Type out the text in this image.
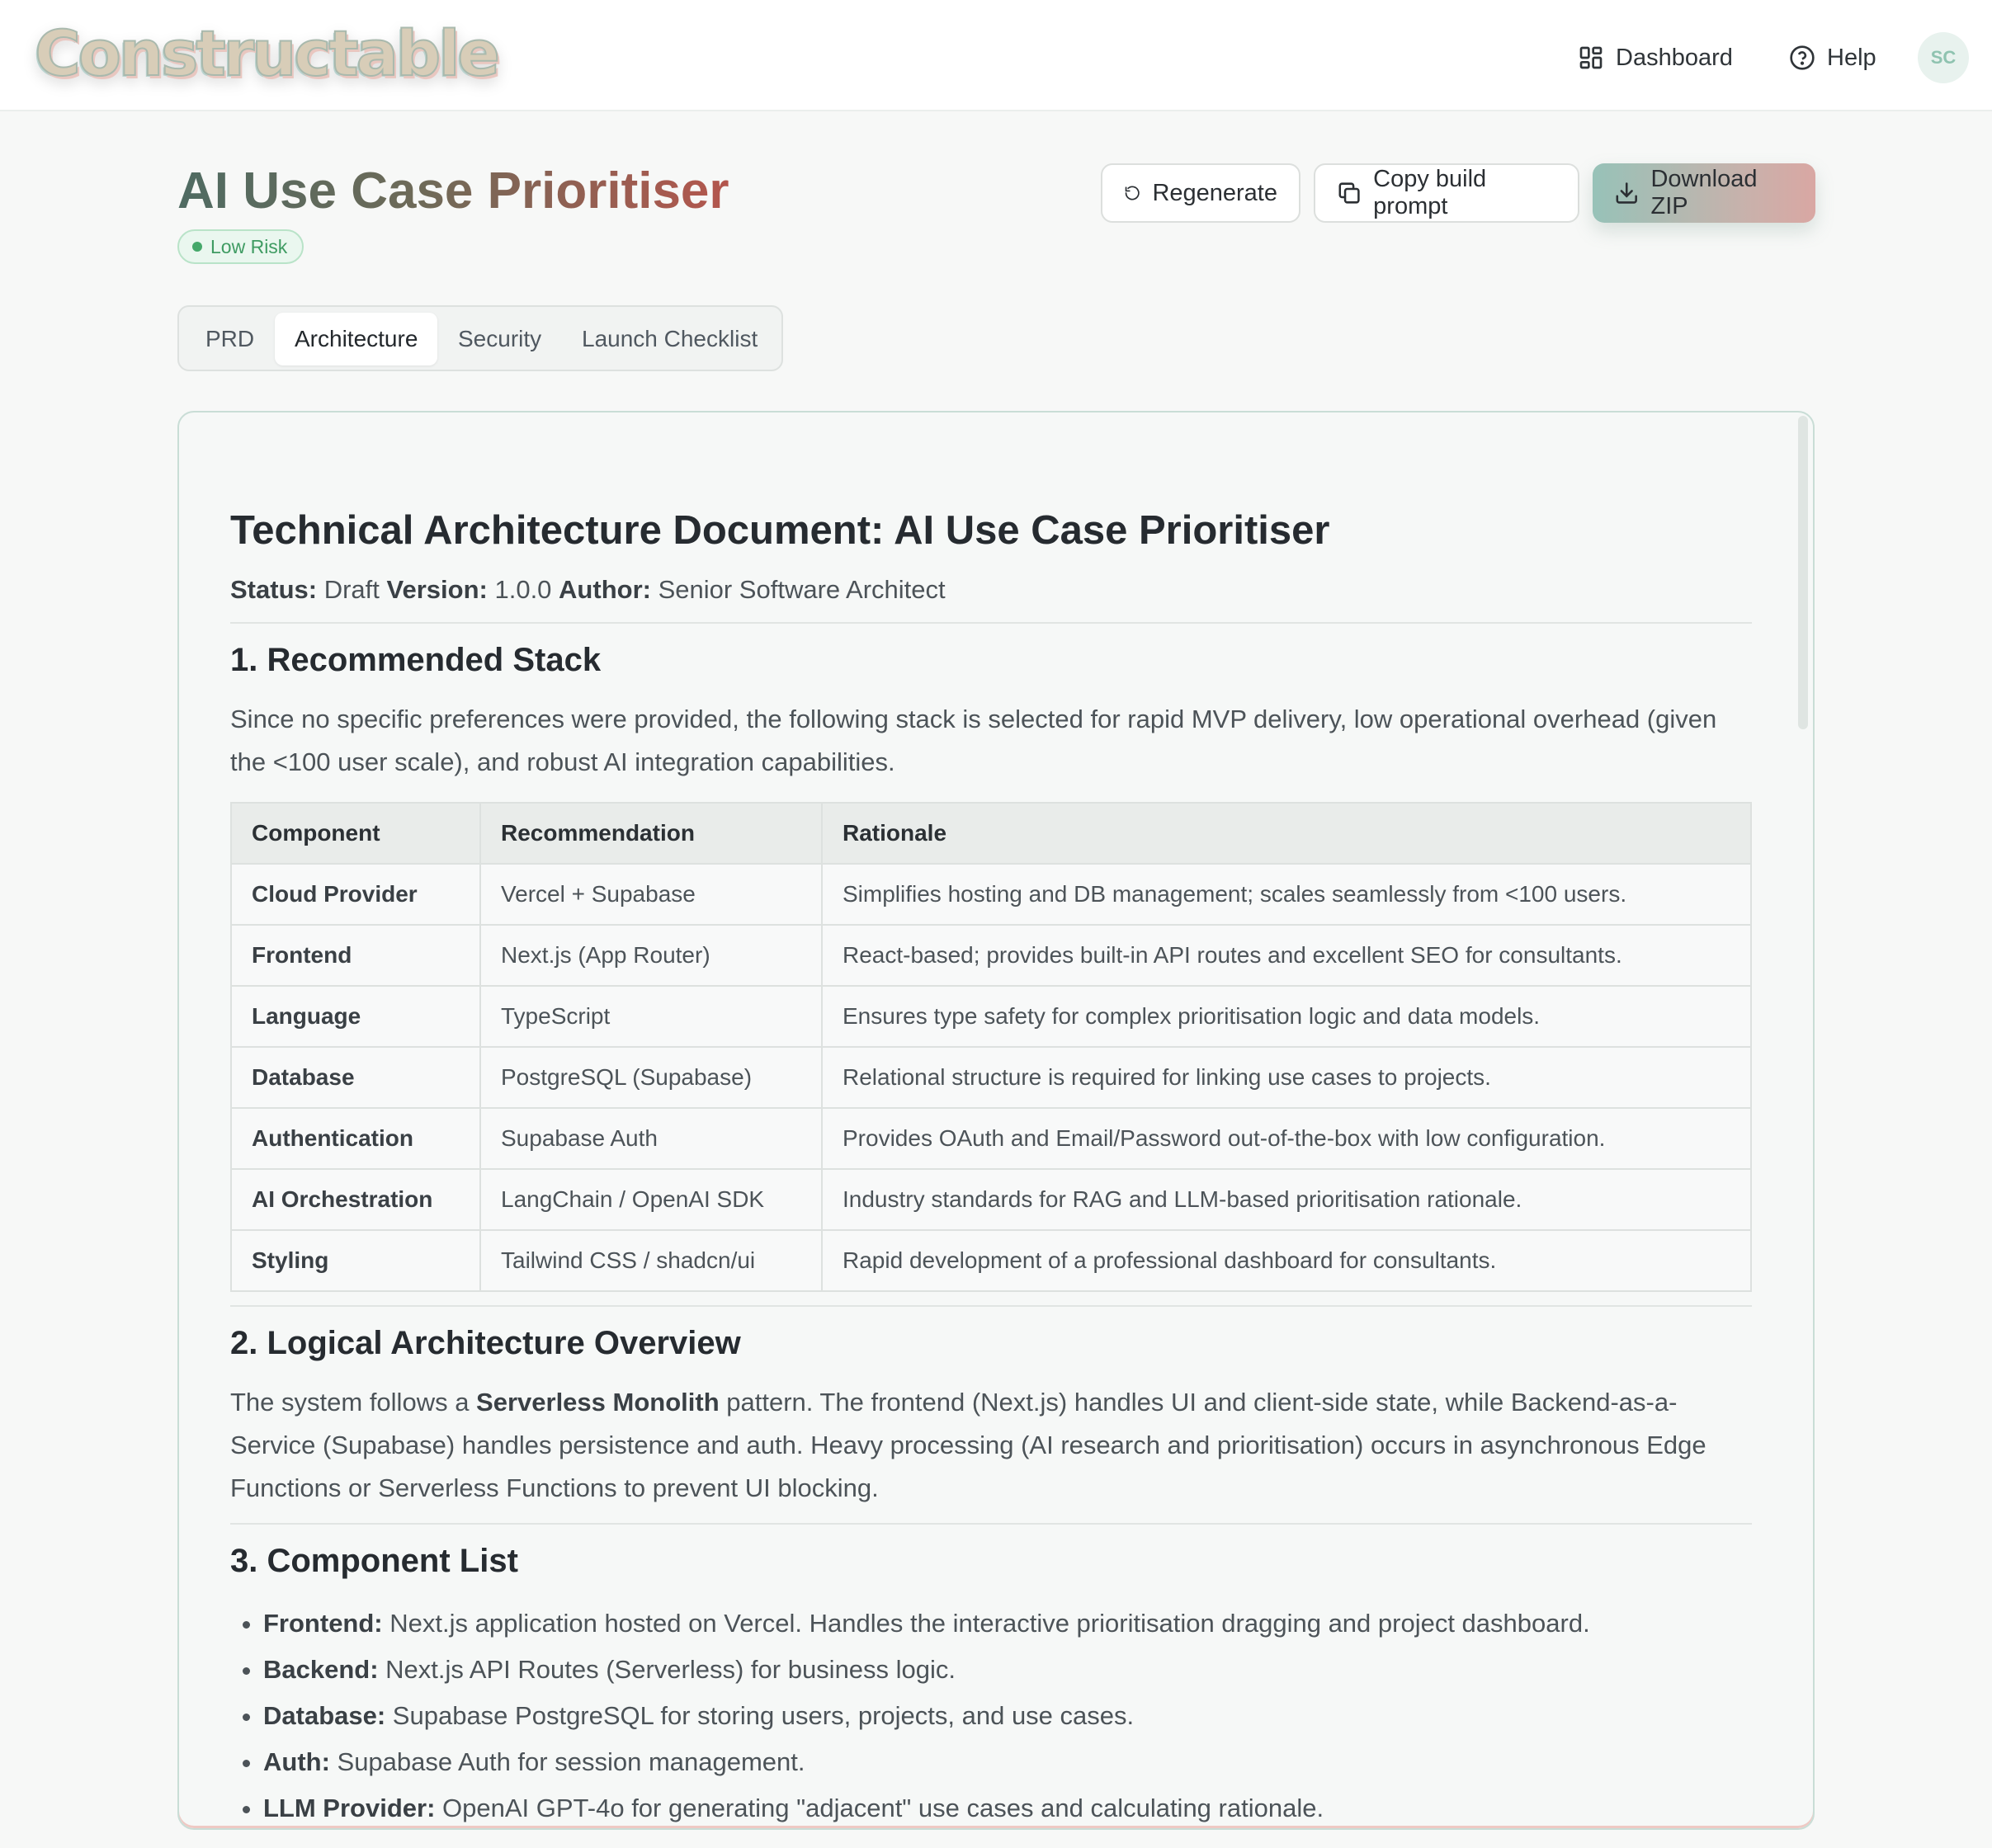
Constructable	Dashboard	Help	SC
AI Use Case Prioritiser
Low Risk
Regenerate
Copy build prompt
Download ZIP
PRD	Architecture	Security	Launch Checklist
Technical Architecture Document: AI Use Case Prioritiser
Status: Draft Version: 1.0.0 Author: Senior Software Architect
1. Recommended Stack

Since no specific preferences were provided, the following stack is selected for rapid MVP delivery, low operational overhead (given the <100 user scale), and robust AI integration capabilities.

Component	Recommendation	Rationale
Cloud Provider	Vercel + Supabase	Simplifies hosting and DB management; scales seamlessly from <100 users.
Frontend	Next.js (App Router)	React-based; provides built-in API routes and excellent SEO for consultants.
Language	TypeScript	Ensures type safety for complex prioritisation logic and data models.
Database	PostgreSQL (Supabase)	Relational structure is required for linking use cases to projects.
Authentication	Supabase Auth	Provides OAuth and Email/Password out-of-the-box with low configuration.
AI Orchestration	LangChain / OpenAI SDK	Industry standards for RAG and LLM-based prioritisation rationale.
Styling	Tailwind CSS / shadcn/ui	Rapid development of a professional dashboard for consultants.
2. Logical Architecture Overview

The system follows a Serverless Monolith pattern. The frontend (Next.js) handles UI and client-side state, while Backend-as-a-Service (Supabase) handles persistence and auth. Heavy processing (AI research and prioritisation) occurs in asynchronous Edge Functions or Serverless Functions to prevent UI blocking.

3. Component List
• Frontend: Next.js application hosted on Vercel. Handles the interactive prioritisation dragging and project dashboard.
• Backend: Next.js API Routes (Serverless) for business logic.
• Database: Supabase PostgreSQL for storing users, projects, and use cases.
• Auth: Supabase Auth for session management.
• LLM Provider: OpenAI GPT-4o for generating "adjacent" use cases and calculating rationale.
